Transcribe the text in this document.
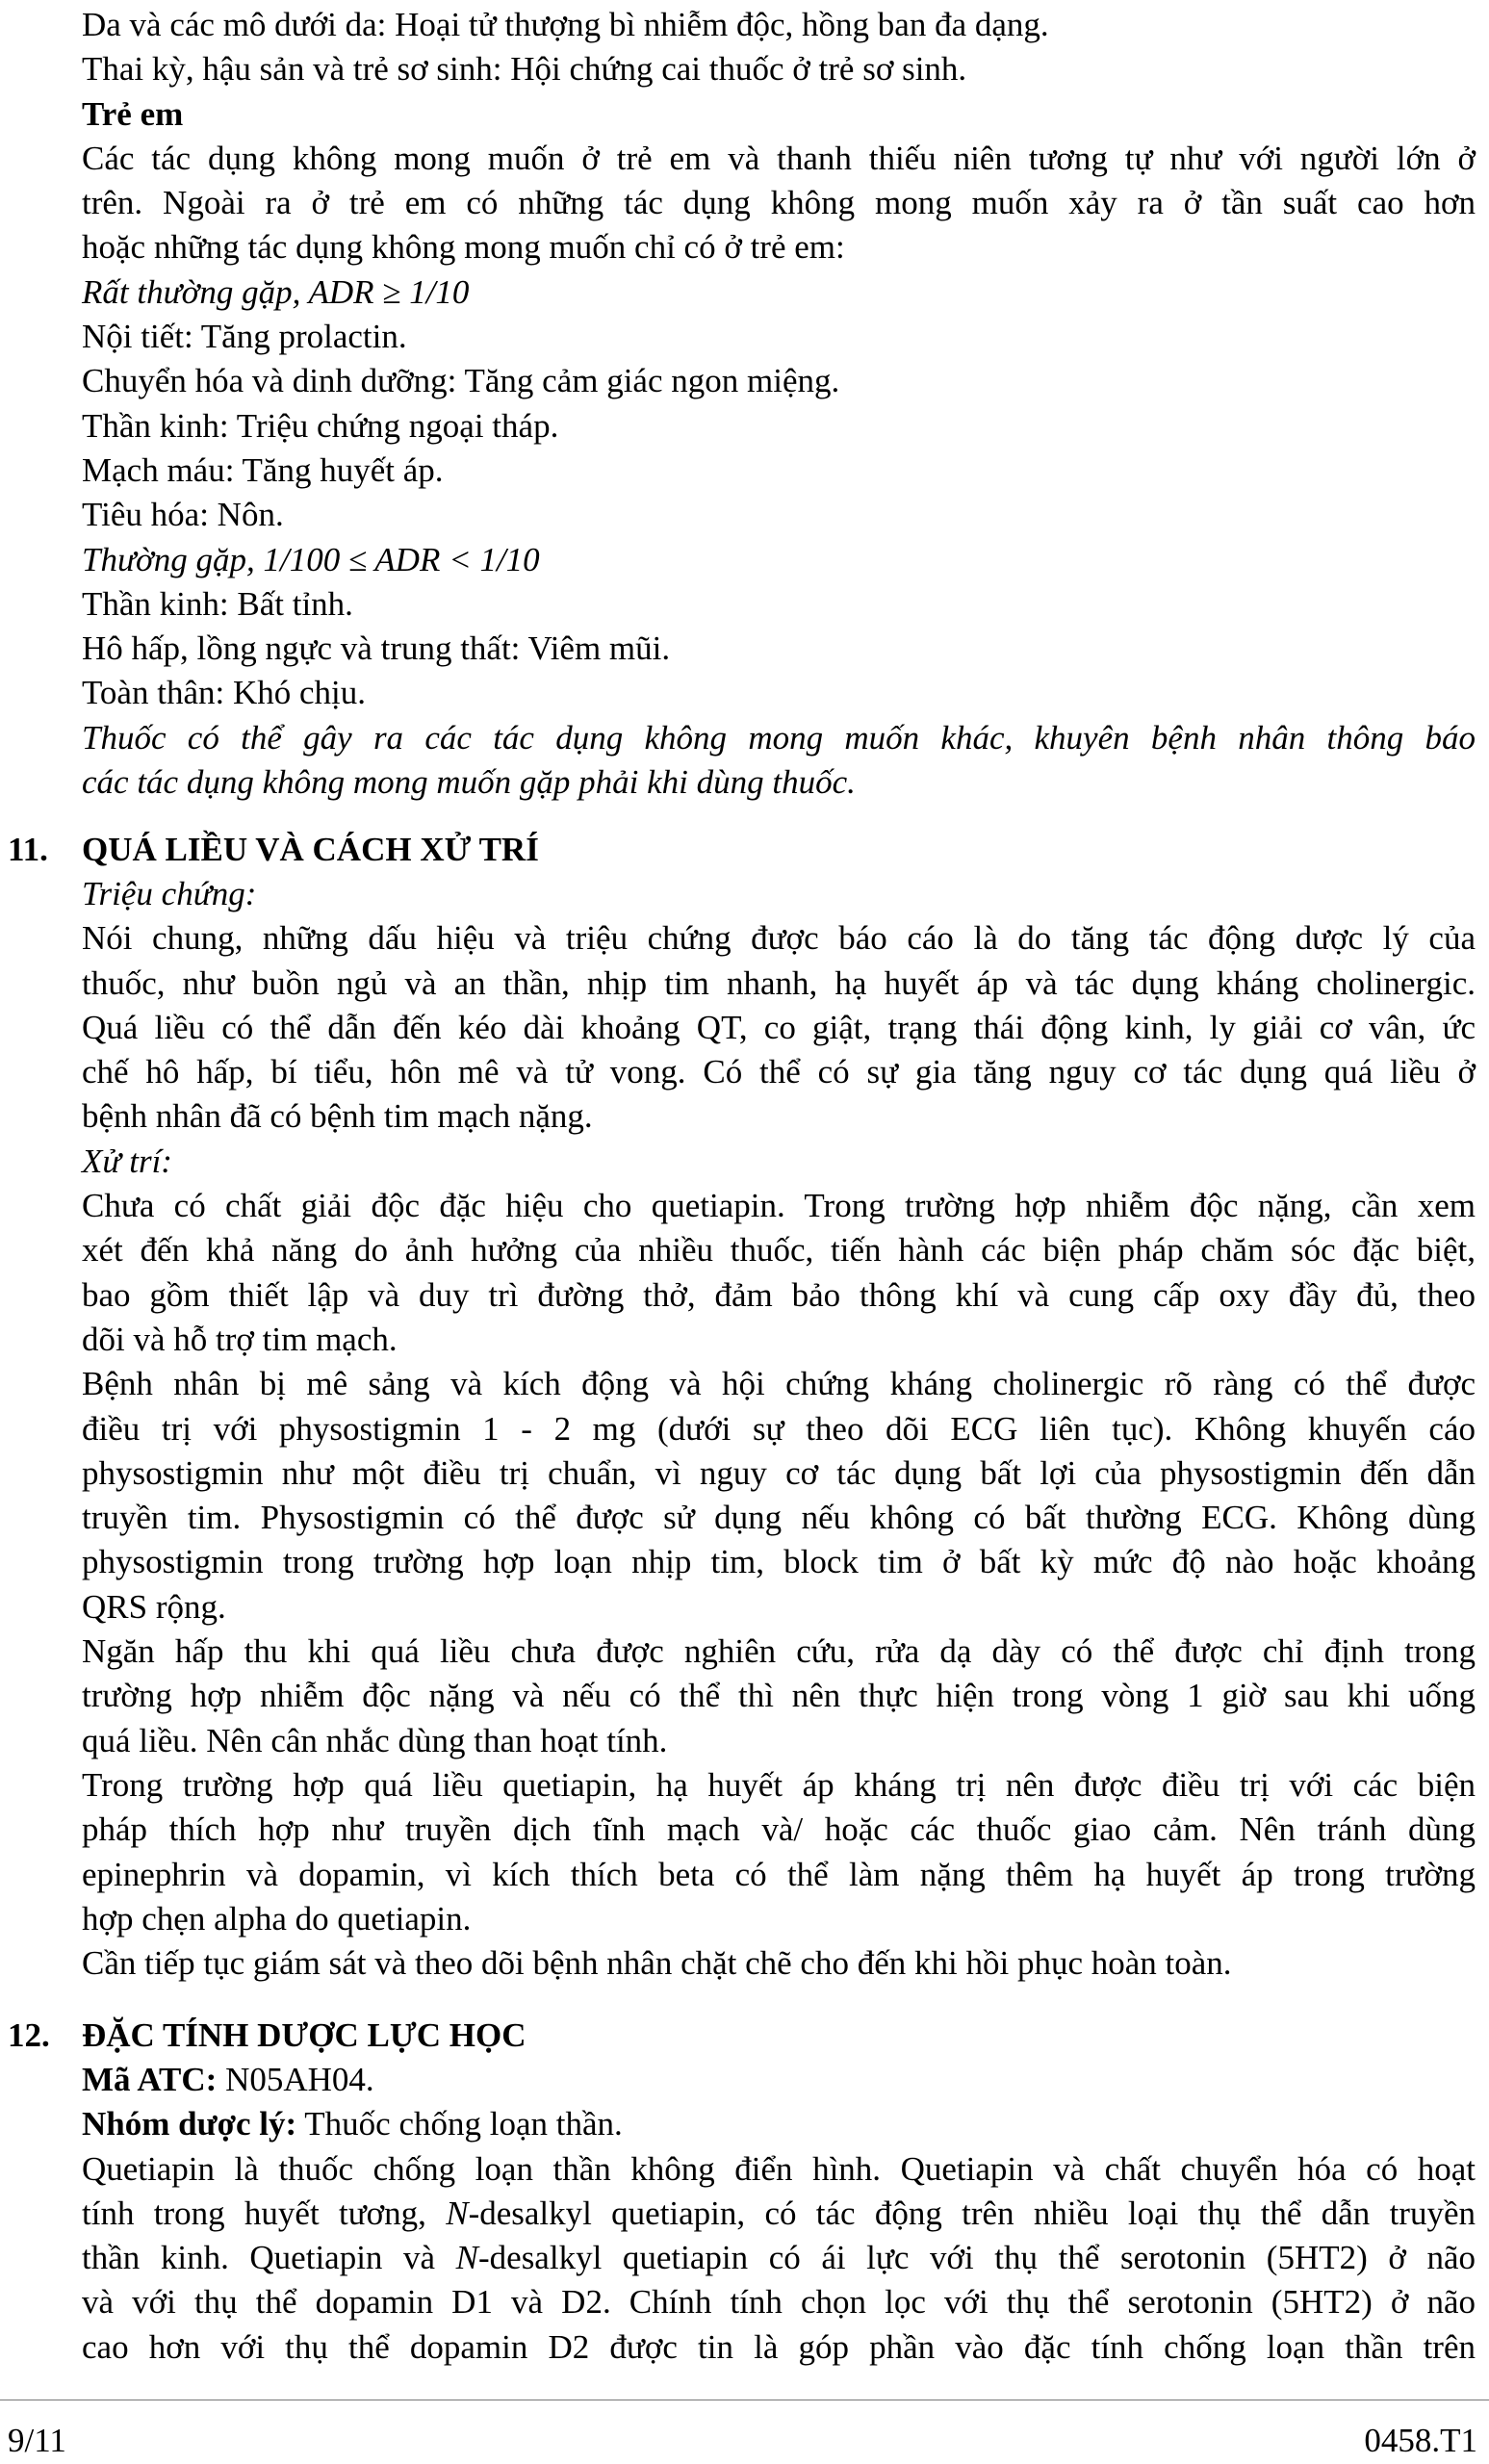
Da và các mô dưới da: Hoại tử thượng bì nhiễm độc, hồng ban đa dạng.
Thai kỳ, hậu sản và trẻ sơ sinh: Hội chứng cai thuốc ở trẻ sơ sinh.
Trẻ em
Các tác dụng không mong muốn ở trẻ em và thanh thiếu niên tương tự như với người lớn ở
trên. Ngoài ra ở trẻ em có những tác dụng không mong muốn xảy ra ở tần suất cao hơn
hoặc những tác dụng không mong muốn chỉ có ở trẻ em:
Rất thường gặp, ADR ≥ 1/10
Nội tiết: Tăng prolactin.
Chuyển hóa và dinh dưỡng: Tăng cảm giác ngon miệng.
Thần kinh: Triệu chứng ngoại tháp.
Mạch máu: Tăng huyết áp.
Tiêu hóa: Nôn.
Thường gặp, 1/100 ≤ ADR < 1/10
Thần kinh: Bất tỉnh.
Hô hấp, lồng ngực và trung thất: Viêm mũi.
Toàn thân: Khó chịu.
Thuốc có thể gây ra các tác dụng không mong muốn khác, khuyên bệnh nhân thông báo
các tác dụng không mong muốn gặp phải khi dùng thuốc.
11. QUÁ LIỀU VÀ CÁCH XỬ TRÍ
Triệu chứng:
Nói chung, những dấu hiệu và triệu chứng được báo cáo là do tăng tác động dược lý của
thuốc, như buồn ngủ và an thần, nhịp tim nhanh, hạ huyết áp và tác dụng kháng cholinergic.
Quá liều có thể dẫn đến kéo dài khoảng QT, co giật, trạng thái động kinh, ly giải cơ vân, ức
chế hô hấp, bí tiểu, hôn mê và tử vong. Có thể có sự gia tăng nguy cơ tác dụng quá liều ở
bệnh nhân đã có bệnh tim mạch nặng.
Xử trí:
Chưa có chất giải độc đặc hiệu cho quetiapin. Trong trường hợp nhiễm độc nặng, cần xem
xét đến khả năng do ảnh hưởng của nhiều thuốc, tiến hành các biện pháp chăm sóc đặc biệt,
bao gồm thiết lập và duy trì đường thở, đảm bảo thông khí và cung cấp oxy đầy đủ, theo
dõi và hỗ trợ tim mạch.
Bệnh nhân bị mê sảng và kích động và hội chứng kháng cholinergic rõ ràng có thể được
điều trị với physostigmin 1 - 2 mg (dưới sự theo dõi ECG liên tục). Không khuyến cáo
physostigmin như một điều trị chuẩn, vì nguy cơ tác dụng bất lợi của physostigmin đến dẫn
truyền tim. Physostigmin có thể được sử dụng nếu không có bất thường ECG. Không dùng
physostigmin trong trường hợp loạn nhịp tim, block tim ở bất kỳ mức độ nào hoặc khoảng
QRS rộng.
Ngăn hấp thu khi quá liều chưa được nghiên cứu, rửa dạ dày có thể được chỉ định trong
trường hợp nhiễm độc nặng và nếu có thể thì nên thực hiện trong vòng 1 giờ sau khi uống
quá liều. Nên cân nhắc dùng than hoạt tính.
Trong trường hợp quá liều quetiapin, hạ huyết áp kháng trị nên được điều trị với các biện
pháp thích hợp như truyền dịch tĩnh mạch và/ hoặc các thuốc giao cảm. Nên tránh dùng
epinephrin và dopamin, vì kích thích beta có thể làm nặng thêm hạ huyết áp trong trường
hợp chẹn alpha do quetiapin.
Cần tiếp tục giám sát và theo dõi bệnh nhân chặt chẽ cho đến khi hồi phục hoàn toàn.
12. ĐẶC TÍNH DƯỢC LỰC HỌC
Mã ATC: N05AH04.
Nhóm dược lý: Thuốc chống loạn thần.
Quetiapin là thuốc chống loạn thần không điển hình. Quetiapin và chất chuyển hóa có hoạt
tính trong huyết tương, N-desalkyl quetiapin, có tác động trên nhiều loại thụ thể dẫn truyền
thần kinh. Quetiapin và N-desalkyl quetiapin có ái lực với thụ thể serotonin (5HT2) ở não
và với thụ thể dopamin D1 và D2. Chính tính chọn lọc với thụ thể serotonin (5HT2) ở não
cao hơn với thụ thể dopamin D2 được tin là góp phần vào đặc tính chống loạn thần trên
9/11	0458.T1
